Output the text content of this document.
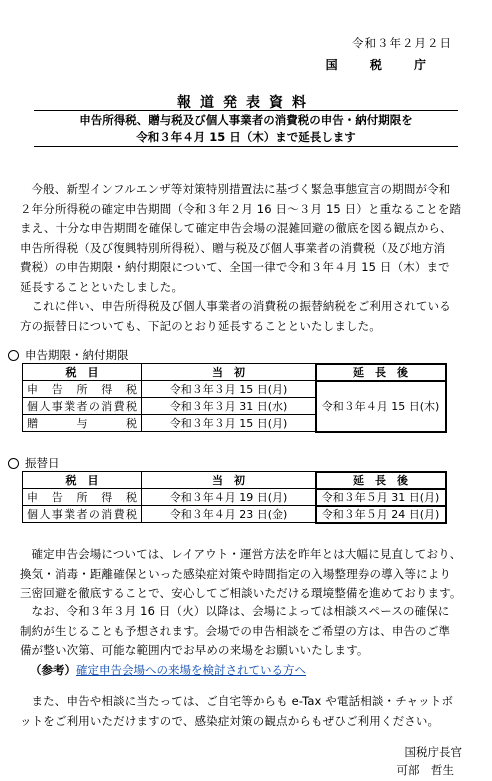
令和３年２月２日
国 税 庁
報道発表資料
申告所得税、贈与税及び個人事業者の消費税の申告・納付期限を
令和３年４月 15 日（木）まで延長します
今般、新型インフルエンザ等対策特別措置法に基づく緊急事態宣言の期間が令和
２年分所得税の確定申告期間（令和３年２月 16 日～３月 15 日）と重なることを踏
まえ、十分な申告期間を確保して確定申告会場の混雑回避の徹底を図る観点から、
申告所得税（及び復興特別所得税）、贈与税及び個人事業者の消費税（及び地方消
費税）の申告期限・納付期限について、全国一律で令和３年４月 15 日（木）まで
延長することといたしました。
これに伴い、申告所得税及び個人事業者の消費税の振替納税をご利用されている
方の振替日についても、下記のとおり延長することといたしました。
申告期限・納付期限
税　目	当　初	延　長　後
申告所得税	令和３年３月 15 日(月)	令和３年４月 15 日(木)
個人事業者の消費税	令和３年３月 31 日(水)	
贈与税	令和３年３月 15 日(月)	
振替日
税　目	当　初	延　長　後
申告所得税	令和３年４月 19 日(月)	令和３年５月 31 日(月)
個人事業者の消費税	令和３年４月 23 日(金)	令和３年５月 24 日(月)
確定申告会場については、レイアウト・運営方法を昨年とは大幅に見直しており、
換気・消毒・距離確保といった感染症対策や時間指定の入場整理券の導入等により
三密回避を徹底することで、安心してご相談いただける環境整備を進めております。
なお、令和３年３月 16 日（火）以降は、会場によっては相談スペースの確保に
制約が生じることも予想されます。会場での申告相談をご希望の方は、申告のご準
備が整い次第、可能な範囲内でお早めの来場をお願いいたします。
（参考）確定申告会場への来場を検討されている方へ
また、申告や相談に当たっては、ご自宅等からも e-Tax や電話相談・チャットボ
ットをご利用いただけますので、感染症対策の観点からもぜひご利用ください。
国税庁長官
可部　哲生
